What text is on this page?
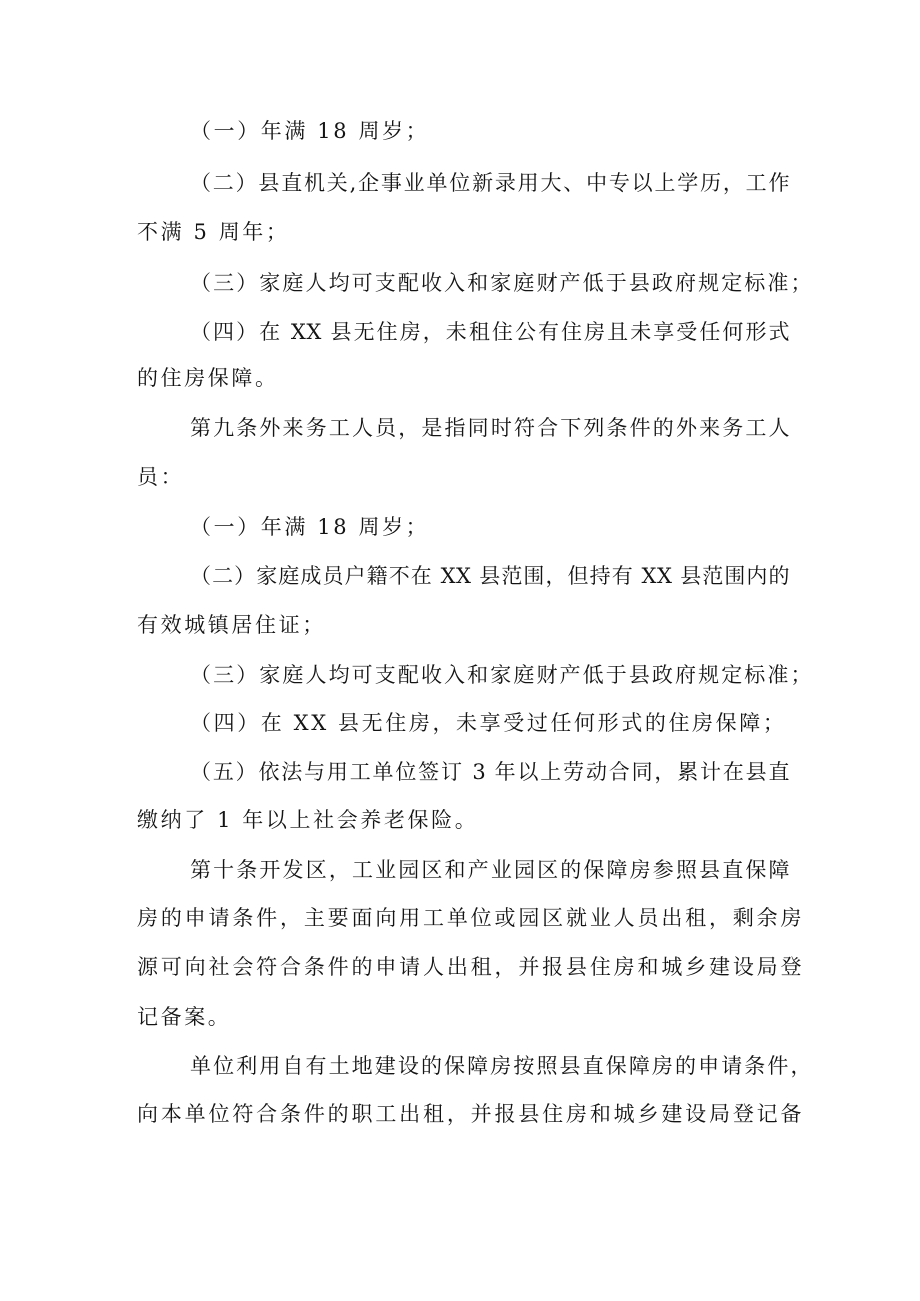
（一）年满 18 周岁；
（二）县直机关,企事业单位新录用大、中专以上学历，工作
不满 5 周年；
（三）家庭人均可支配收入和家庭财产低于县政府规定标准；
（四）在 XX 县无住房，未租住公有住房且未享受任何形式
的住房保障。
第九条外来务工人员，是指同时符合下列条件的外来务工人
员：
（一）年满 18 周岁；
（二）家庭成员户籍不在 XX 县范围，但持有 XX 县范围内的
有效城镇居住证；
（三）家庭人均可支配收入和家庭财产低于县政府规定标准；
（四）在 XX 县无住房，未享受过任何形式的住房保障；
（五）依法与用工单位签订 3 年以上劳动合同，累计在县直
缴纳了 1 年以上社会养老保险。
第十条开发区，工业园区和产业园区的保障房参照县直保障
房的申请条件，主要面向用工单位或园区就业人员出租，剩余房
源可向社会符合条件的申请人出租，并报县住房和城乡建设局登
记备案。
单位利用自有土地建设的保障房按照县直保障房的申请条件，
向本单位符合条件的职工出租，并报县住房和城乡建设局登记备
